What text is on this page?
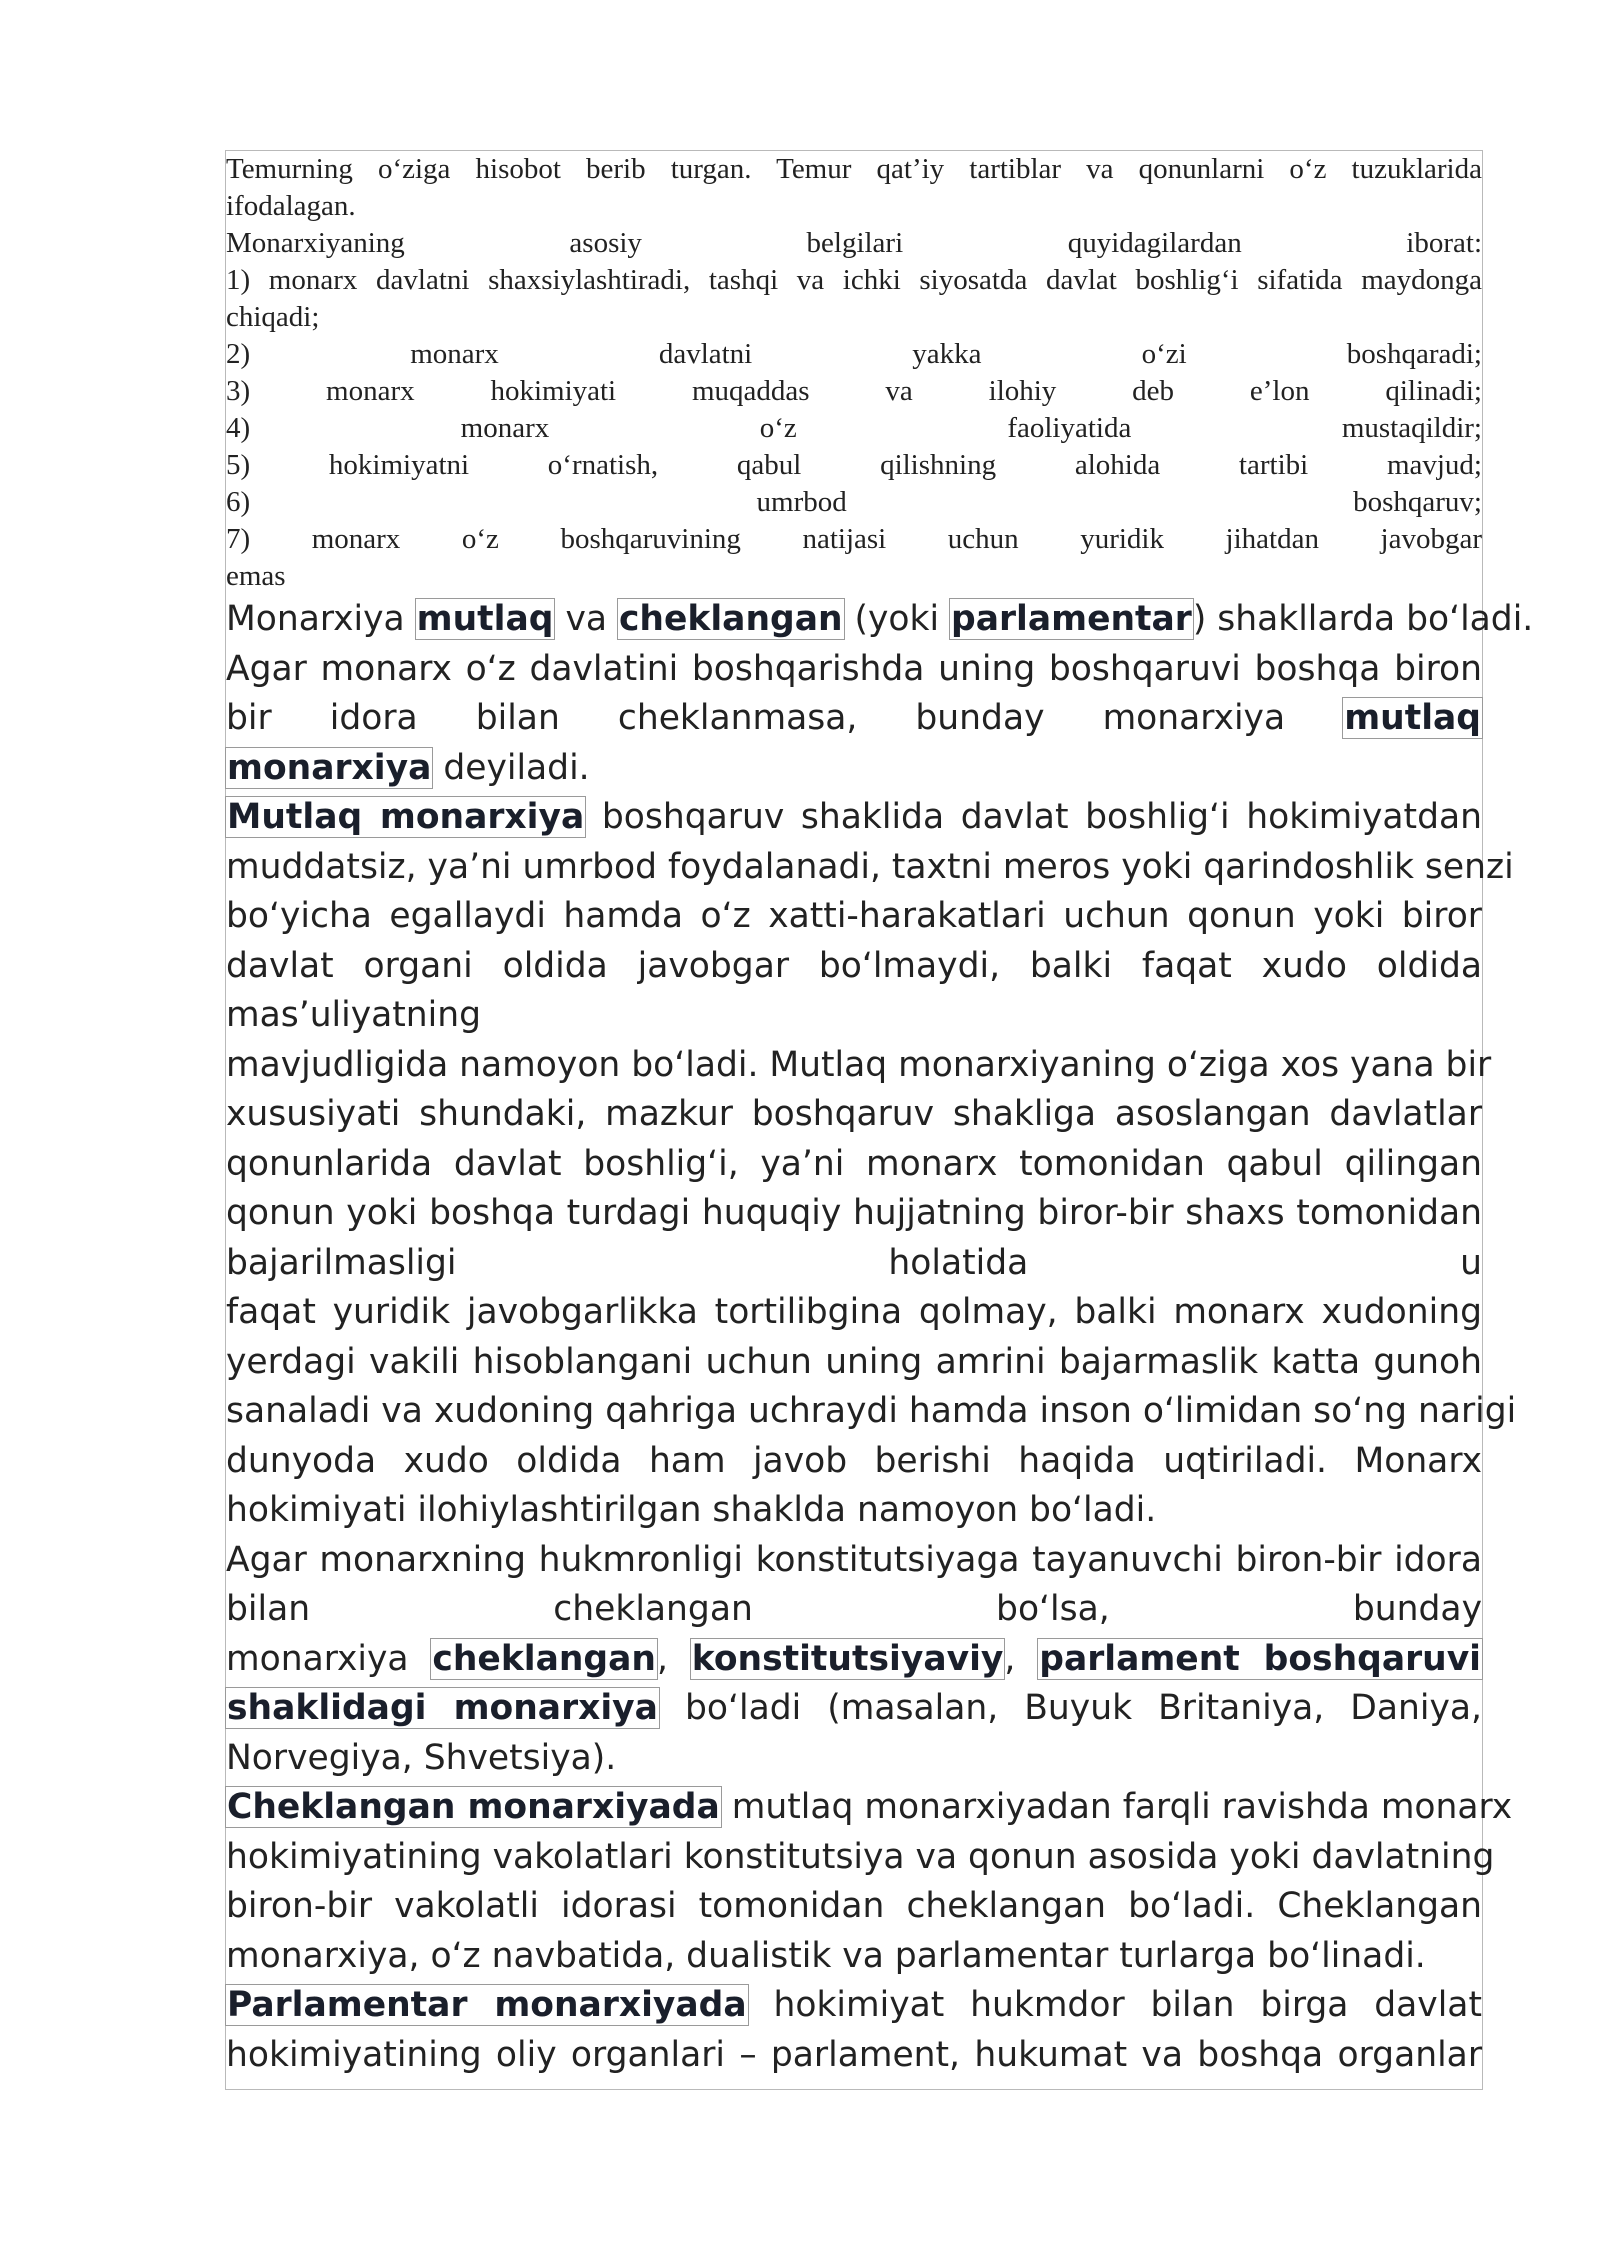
Temurning o‘ziga hisobot berib turgan. Temur qat’iy tartiblar va qonunlarni o‘z tuzuklarida
ifodalagan.
Monarxiyaning asosiy belgilari quyidagilardan iborat:
1) monarx davlatni shaxsiylashtiradi, tashqi va ichki siyosatda davlat boshlig‘i sifatida maydonga
chiqadi;
2) monarx davlatni yakka o‘zi boshqaradi;
3) monarx hokimiyati muqaddas va ilohiy deb e’lon qilinadi;
4) monarx o‘z faoliyatida mustaqildir;
5) hokimiyatni o‘rnatish, qabul qilishning alohida tartibi mavjud;
6) umrbod boshqaruv;
7) monarx o‘z boshqaruvining natijasi uchun yuridik jihatdan javobgar
emas
Monarxiya mutlaq va cheklangan (yoki parlamentar) shakllarda bo‘ladi.
Agar monarx o‘z davlatini boshqarishda uning boshqaruvi boshqa biron
bir idora bilan cheklanmasa, bunday monarxiya mutlaq
monarxiya deyiladi.
Mutlaq monarxiya boshqaruv shaklida davlat boshlig‘i hokimiyatdan
muddatsiz, ya’ni umrbod foydalanadi, taxtni meros yoki qarindoshlik senzi
bo‘yicha egallaydi hamda o‘z xatti-harakatlari uchun qonun yoki biror
davlat organi oldida javobgar bo‘lmaydi, balki faqat xudo oldida
mas’uliyatning
mavjudligida namoyon bo‘ladi. Mutlaq monarxiyaning o‘ziga xos yana bir
xususiyati shundaki, mazkur boshqaruv shakliga asoslangan davlatlar
qonunlarida davlat boshlig‘i, ya’ni monarx tomonidan qabul qilingan
qonun yoki boshqa turdagi huquqiy hujjatning biror-bir shaxs tomonidan
bajarilmasligi holatida u
faqat yuridik javobgarlikka tortilibgina qolmay, balki monarx xudoning
yerdagi vakili hisoblangani uchun uning amrini bajarmaslik katta gunoh
sanaladi va xudoning qahriga uchraydi hamda inson o‘limidan so‘ng narigi
dunyoda xudo oldida ham javob berishi haqida uqtiriladi. Monarx
hokimiyati ilohiylashtirilgan shaklda namoyon bo‘ladi.
Agar monarxning hukmronligi konstitutsiyaga tayanuvchi biron-bir idora
bilan cheklangan bo‘lsa, bunday
monarxiya cheklangan, konstitutsiyaviy, parlament boshqaruvi
shaklidagi monarxiya bo‘ladi (masalan, Buyuk Britaniya, Daniya,
Norvegiya, Shvetsiya).
Cheklangan monarxiyada mutlaq monarxiyadan farqli ravishda monarx
hokimiyatining vakolatlari konstitutsiya va qonun asosida yoki davlatning
biron-bir vakolatli idorasi tomonidan cheklangan bo‘ladi. Cheklangan
monarxiya, o‘z navbatida, dualistik va parlamentar turlarga bo‘linadi.
Parlamentar monarxiyada hokimiyat hukmdor bilan birga davlat
hokimiyatining oliy organlari – parlament, hukumat va boshqa organlar
